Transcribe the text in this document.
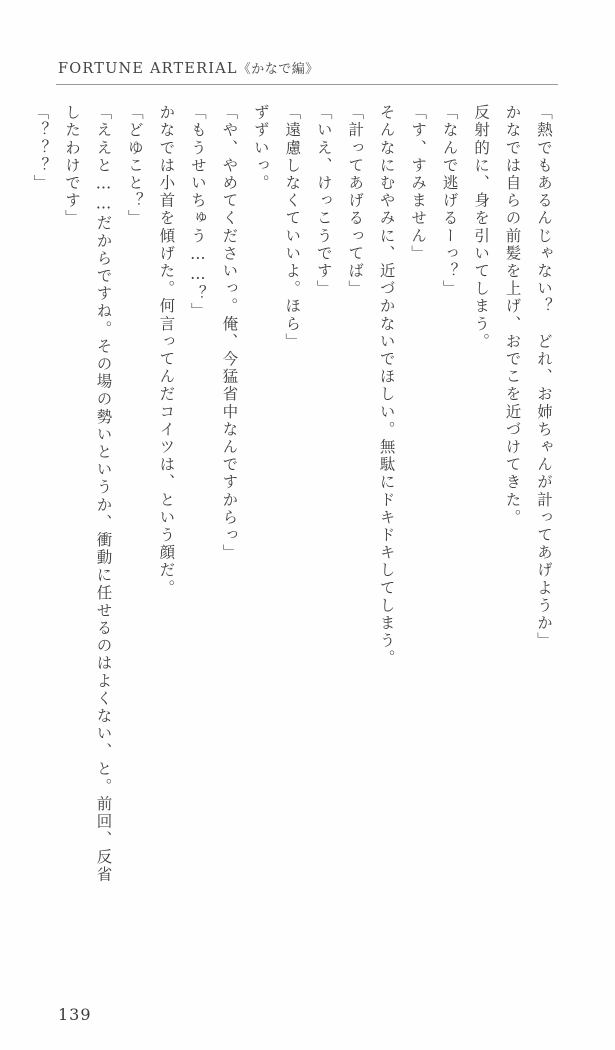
FORTUNE ARTERIAL《かなで編》

「熱でもあるんじゃない？　どれ、お姉ちゃんが計ってあげようか」

かなでは自らの前髪を上げ、おでこを近づけてきた。

反射的に、身を引いてしまう。

「なんで逃げるーっ？」

「す、すみません」

そんなにむやみに、近づかないでほしい。無駄にドキドキしてしまう。

「計ってあげるってば」

「いえ、けっこうです」

「遠慮しなくていいよ。ほら」

ずずいっ。

「や、やめてくださいっ。俺、今猛省中なんですからっ」

「もうせいちゅう……？」

かなでは小首を傾げた。何言ってんだコイツは、という顔だ。

「どゆこと？」

「ええと……だからですね。その場の勢いというか、衝動に任せるのはよくない、と。前回、反省したわけです」

「？？？」

139
